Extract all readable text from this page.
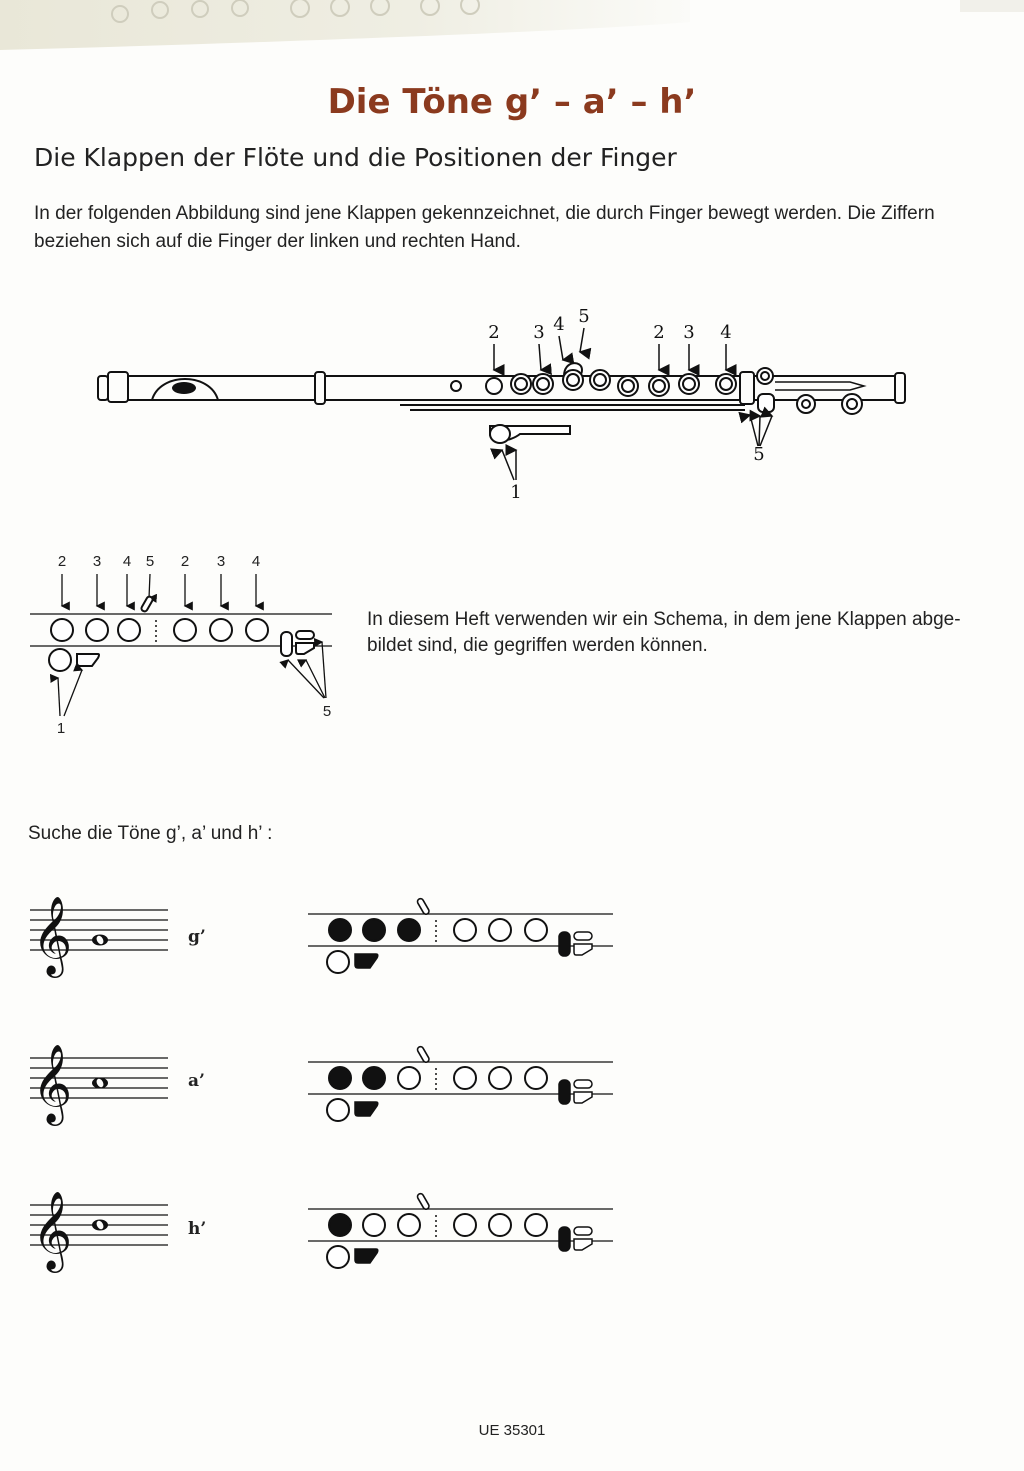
Die Töne g’ – a’ – h’
Die Klappen der Flöte und die Positionen der Finger
In der folgenden Abbildung sind jene Klappen gekennzeichnet, die durch Finger bewegt werden. Die Ziffern
beziehen sich auf die Finger der linken und rechten Hand.
2 3 4 5
2 3 4
1
5
2 3 4 5 2 3 4
1
5
In diesem Heft verwenden wir ein Schema, in dem jene Klappen abge-
bildet sind, die gegriffen werden können.
Suche die Töne g’, a’ und h’ :
𝄞	g’
𝄞	a’
𝄞	h’
UE 35301
